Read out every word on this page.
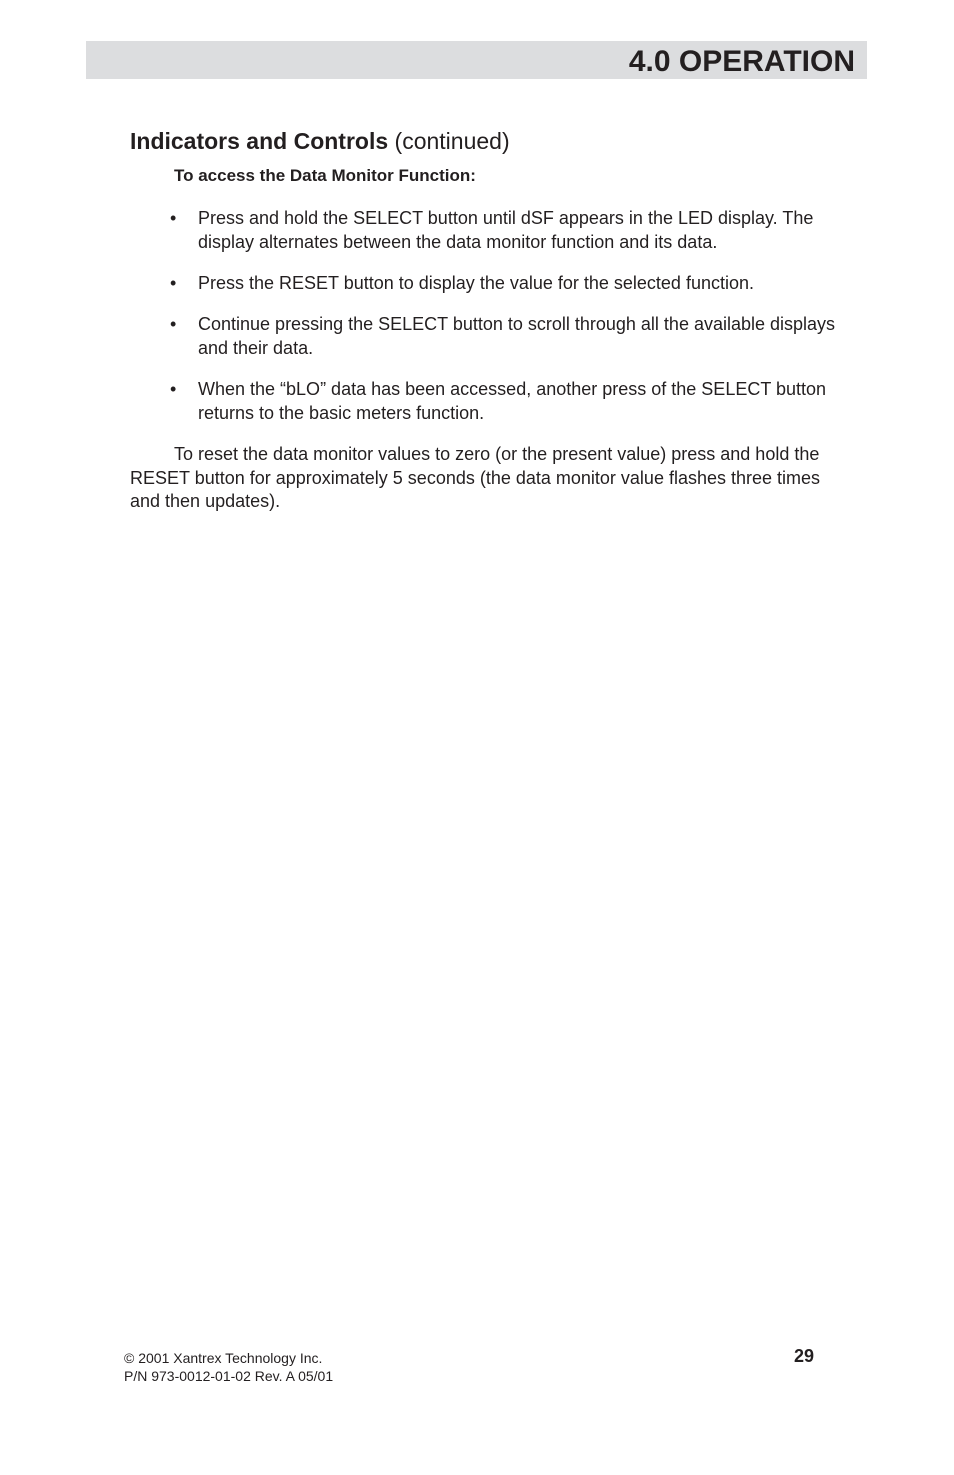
4.0 OPERATION
Indicators and Controls (continued)
To access the Data Monitor Function:
• Press and hold the SELECT button until dSF appears in the LED display. The display alternates between the data monitor function and its data.
• Press the RESET button to display the value for the selected function.
• Continue pressing the SELECT button to scroll through all the available displays and their data.
• When the “bLO” data has been accessed, another press of the SELECT button returns to the basic meters function.

To reset the data monitor values to zero (or the present value) press and hold the RESET button for approximately 5 seconds (the data monitor value flashes three times and then updates).

© 2001 Xantrex Technology Inc.

P/N 973-0012-01-02 Rev. A 05/01

29
